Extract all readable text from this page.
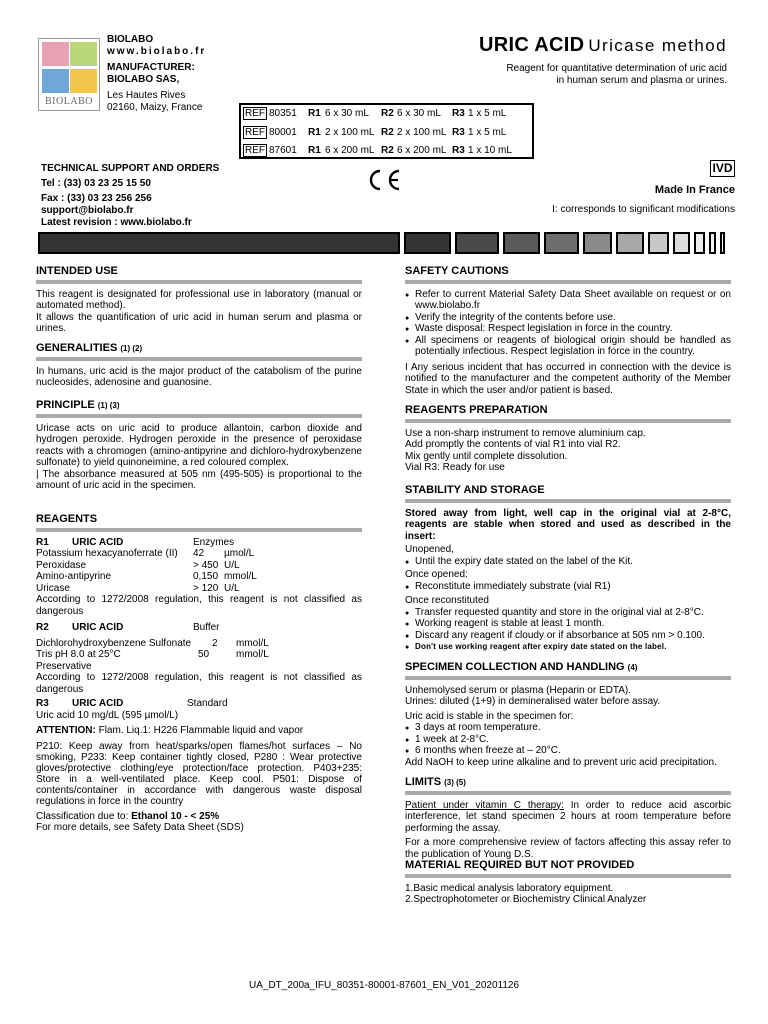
BIOLABO
BIOLABO
www.biolabo.fr
MANUFACTURER:
BIOLABO SAS,
Les Hautes Rives
02160, Maizy, France
URIC ACID Uricase method
Reagent for quantitative determination of uric acid
in human serum and plasma or urines.
REF 80351 R1 6 x 30 mL R2 6 x 30 mL R3 1 x 5 mL
REF 80001 R1 2 x 100 mL R2 2 x 100 mL R3 1 x 5 mL
REF 87601 R1 6 x 200 mL R2 6 x 200 mL R3 1 x 10 mL
TECHNICAL SUPPORT AND ORDERS
Tel : (33) 03 23 25 15 50
Fax : (33) 03 23 256 256
support@biolabo.fr
Latest revision : www.biolabo.fr
IVD
Made In France
I: corresponds to significant modifications
INTENDED USE
This reagent is designated for professional use in laboratory (manual or automated method).
It allows the quantification of uric acid in human serum and plasma or urines.
GENERALITIES (1) (2)
In humans, uric acid is the major product of the catabolism of the purine nucleosides, adenosine and guanosine.
PRINCIPLE (1) (3)
Uricase acts on uric acid to produce allantoin, carbon dioxide and hydrogen peroxide. Hydrogen peroxide in the presence of peroxidase reacts with a chromogen (amino-antipyrine and dichloro-hydroxybenzene sulfonate) to yield quinoneimine, a red coloured complex.
| The absorbance measured at 505 nm (495-505) is proportional to the amount of uric acid in the specimen.
REAGENTS
R1	URIC ACID	Enzymes
Potassium hexacyanoferrate (II)	42	µmol/L
Peroxidase	> 450 U/L
Amino-antipyrine	0,150 mmol/L
Uricase	> 120 U/L
According to 1272/2008 regulation, this reagent is not classified as dangerous
R2	URIC ACID	Buffer
Dichlorohydroxybenzene Sulfonate	2	mmol/L
Tris pH 8.0 at 25°C	50	mmol/L
Preservative
According to 1272/2008 regulation, this reagent is not classified as dangerous
R3	URIC ACID	Standard
Uric acid 10 mg/dL (595 µmol/L)
ATTENTION: Flam. Liq.1: H226 Flammable liquid and vapor
P210: Keep away from heat/sparks/open flames/hot surfaces – No smoking, P233: Keep container tightly closed, P280 : Wear protective gloves/protective clothing/eye protection/face protection. P403+235: Store in a well-ventilated place. Keep cool. P501: Dispose of contents/container in accordance with dangerous waste disposal regulations in force in the country
Classification due to: Ethanol 10 - < 25%
For more details, see Safety Data Sheet (SDS)
SAFETY CAUTIONS
● Refer to current Material Safety Data Sheet available on request or on www.biolabo.fr
● Verify the integrity of the contents before use.
● Waste disposal: Respect legislation in force in the country.
● All specimens or reagents of biological origin should be handled as potentially infectious. Respect legislation in force in the country.
I Any serious incident that has occurred in connection with the device is notified to the manufacturer and the competent authority of the Member State in which the user and/or patient is based.
REAGENTS PREPARATION
Use a non-sharp instrument to remove aluminium cap.
Add promptly the contents of vial R1 into vial R2.
Mix gently until complete dissolution.
Vial R3: Ready for use
STABILITY AND STORAGE
Stored away from light, well cap in the original vial at 2-8°C, reagents are stable when stored and used as described in the insert:
Unopened,
● Until the expiry date stated on the label of the Kit.
Once opened:
● Reconstitute immediately substrate (vial R1)
Once reconstituted
● Transfer requested quantity and store in the original vial at 2-8°C.
● Working reagent is stable at least 1 month.
● Discard any reagent if cloudy or if absorbance at 505 nm > 0.100.
● Don't use working reagent after expiry date stated on the label.
SPECIMEN COLLECTION AND HANDLING (4)
Unhemolysed serum or plasma (Heparin or EDTA).
Urines: diluted (1+9) in demineralised water before assay.
Uric acid is stable in the specimen for:
● 3 days at room temperature.
● 1 week at 2-8°C.
● 6 months when freeze at – 20°C.
Add NaOH to keep urine alkaline and to prevent uric acid precipitation.
LIMITS (3) (5)
Patient under vitamin C therapy: In order to reduce acid ascorbic interference, let stand specimen 2 hours at room temperature before performing the assay.
For a more comprehensive review of factors affecting this assay refer to the publication of Young D.S.
MATERIAL REQUIRED BUT NOT PROVIDED
1.Basic medical analysis laboratory equipment.
2.Spectrophotometer or Biochemistry Clinical Analyzer
UA_DT_200a_IFU_80351-80001-87601_EN_V01_20201126
